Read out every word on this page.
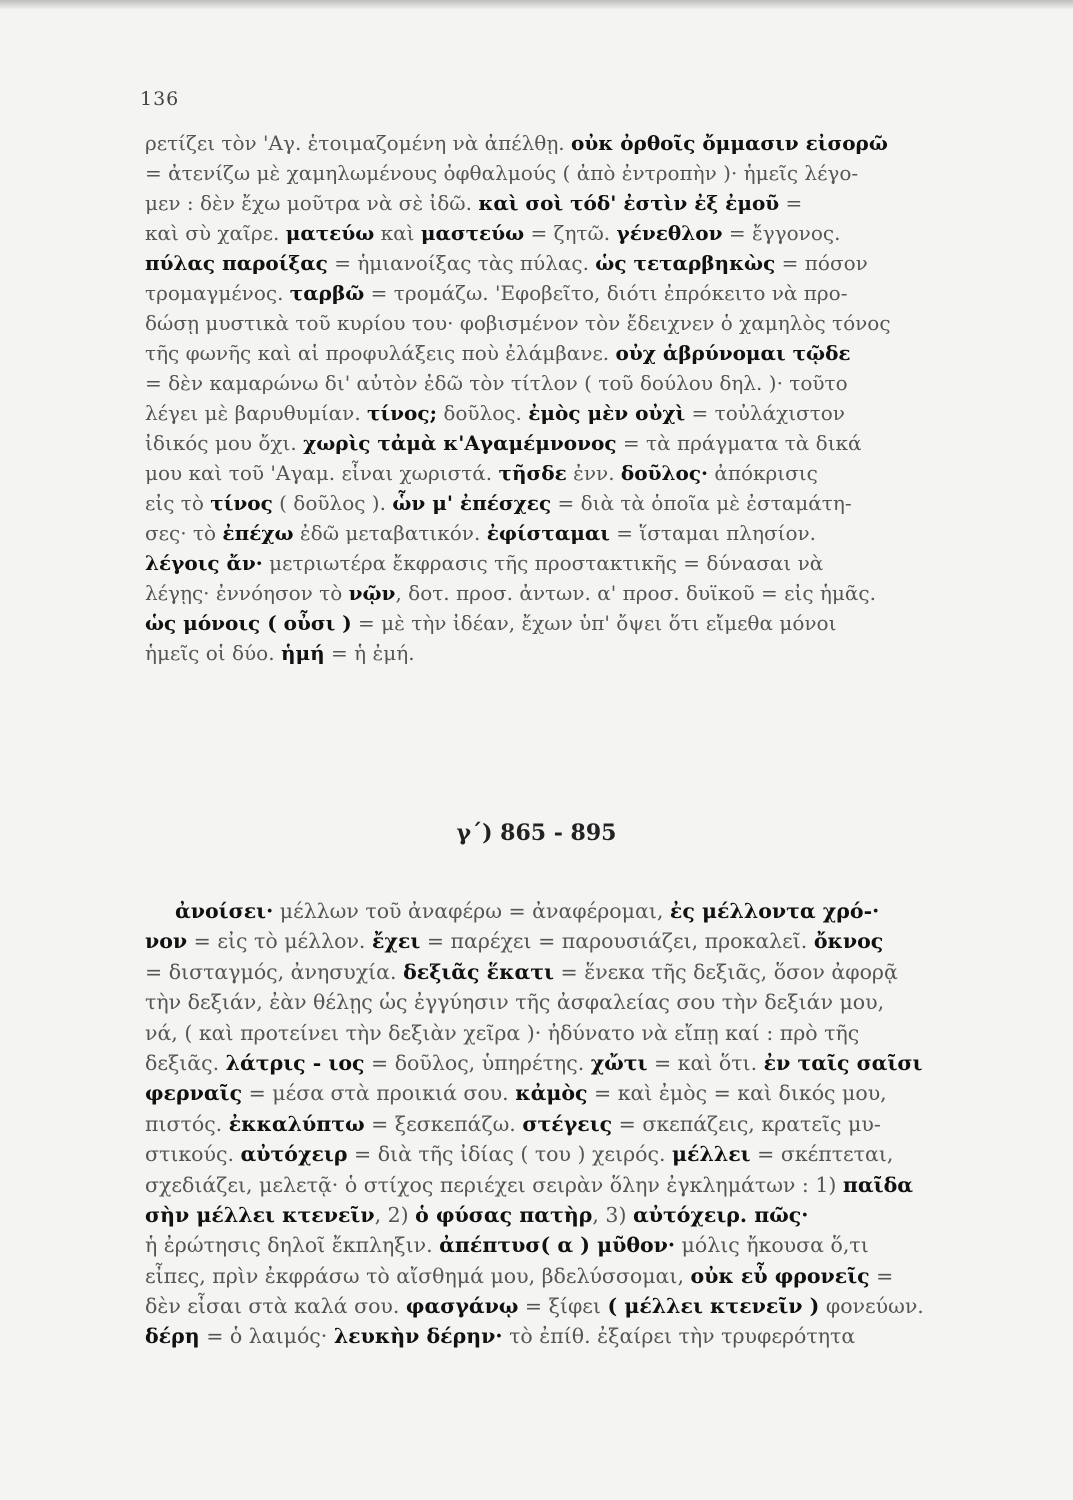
136
ρετίζει τὸν 'Αγ. ἑτοιμαζομένη νὰ ἀπέλθῃ. οὐκ ὀρθοῖς ὄμμασιν εἰσορῶ
= ἀτενίζω μὲ χαμηλωμένους ὀφθαλμούς ( ἀπὸ ἐντροπὴν )· ἡμεῖς λέγο-
μεν : δὲν ἔχω μοῦτρα νὰ σὲ ἰδῶ. καὶ σοὶ τόδ' ἐστὶν ἐξ ἐμοῦ =
καὶ σὺ χαῖρε. ματεύω καὶ μαστεύω = ζητῶ. γένεθλον = ἔγγονος.
πύλας παροίξας = ἡμιανοίξας τὰς πύλας. ὡς τεταρβηκὼς = πόσον
τρομαγμένος. ταρβῶ = τρομάζω. 'Εφοβεῖτο, διότι ἐπρόκειτο νὰ προ-
δώσῃ μυστικὰ τοῦ κυρίου του· φοβισμένον τὸν ἔδειχνεν ὁ χαμηλὸς τόνος
τῆς φωνῆς καὶ αἱ προφυλάξεις ποὺ ἐλάμβανε. οὐχ ἁβρύνομαι τῷδε
= δὲν καμαρώνω δι' αὐτὸν ἐδῶ τὸν τίτλον ( τοῦ δούλου δηλ. )· τοῦτο
λέγει μὲ βαρυθυμίαν. τίνος; δοῦλος. ἐμὸς μὲν οὐχὶ = τοὐλάχιστον
ἰδικός μου ὄχι. χωρὶς τἀμὰ κ'Αγαμέμνονος = τὰ πράγματα τὰ δικά
μου καὶ τοῦ 'Αγαμ. εἶναι χωριστά. τῆσδε ἐνν. δοῦλος· ἀπόκρισις
εἰς τὸ τίνος ( δοῦλος ). ὧν μ' ἐπέσχες = διὰ τὰ ὁποῖα μὲ ἐσταμάτη-
σες· τὸ ἐπέχω ἐδῶ μεταβατικόν. ἐφίσταμαι = ἵσταμαι πλησίον.
λέγοις ἄν· μετριωτέρα ἔκφρασις τῆς προστακτικῆς = δύνασαι νὰ
λέγῃς· ἐννόησον τὸ νῷν, δοτ. προσ. ἀντων. α' προσ. δυϊκοῦ = εἰς ἡμᾶς.
ὡς μόνοις ( οὖσι ) = μὲ τὴν ἰδέαν, ἔχων ὑπ' ὄψει ὅτι εἴμεθα μόνοι
ἡμεῖς οἱ δύο. ἡμή = ἡ ἐμή.
γ΄) 865 - 895
ἀνοίσει· μέλλων τοῦ ἀναφέρω = ἀναφέρομαι, ἐς μέλλοντα χρό-·
νον = εἰς τὸ μέλλον. ἔχει = παρέχει = παρουσιάζει, προκαλεῖ. ὄκνος
= δισταγμός, ἀνησυχία. δεξιᾶς ἕκατι = ἕνεκα τῆς δεξιᾶς, ὅσον ἀφορᾷ
τὴν δεξιάν, ἐὰν θέλῃς ὡς ἐγγύησιν τῆς ἀσφαλείας σου τὴν δεξιάν μου,
νά, ( καὶ προτείνει τὴν δεξιὰν χεῖρα )· ἠδύνατο νὰ εἴπῃ καί : πρὸ τῆς
δεξιᾶς. λάτρις - ιος = δοῦλος, ὑπηρέτης. χὤτι = καὶ ὅτι. ἐν ταῖς σαῖσι
φερναῖς = μέσα στὰ προικιά σου. κἀμὸς = καὶ ἐμὸς = καὶ δικός μου,
πιστός. ἐκκαλύπτω = ξεσκεπάζω. στέγεις = σκεπάζεις, κρατεῖς μυ-
στικούς. αὐτόχειρ = διὰ τῆς ἰδίας ( του ) χειρός. μέλλει = σκέπτεται,
σχεδιάζει, μελετᾷ· ὁ στίχος περιέχει σειρὰν ὅλην ἐγκλημάτων : 1) παῖδα
σὴν μέλλει κτενεῖν, 2) ὁ φύσας πατὴρ, 3) αὐτόχειρ. πῶς·
ἡ ἐρώτησις δηλοῖ ἔκπληξιν. ἀπέπτυσ( α ) μῦθον· μόλις ἤκουσα ὅ,τι
εἶπες, πρὶν ἐκφράσω τὸ αἴσθημά μου, βδελύσσομαι, οὐκ εὖ φρονεῖς =
δὲν εἶσαι στὰ καλά σου. φασγάνῳ = ξίφει ( μέλλει κτενεῖν ) φονεύων.
δέρη = ὁ λαιμός· λευκὴν δέρην· τὸ ἐπίθ. ἐξαίρει τὴν τρυφερότητα
